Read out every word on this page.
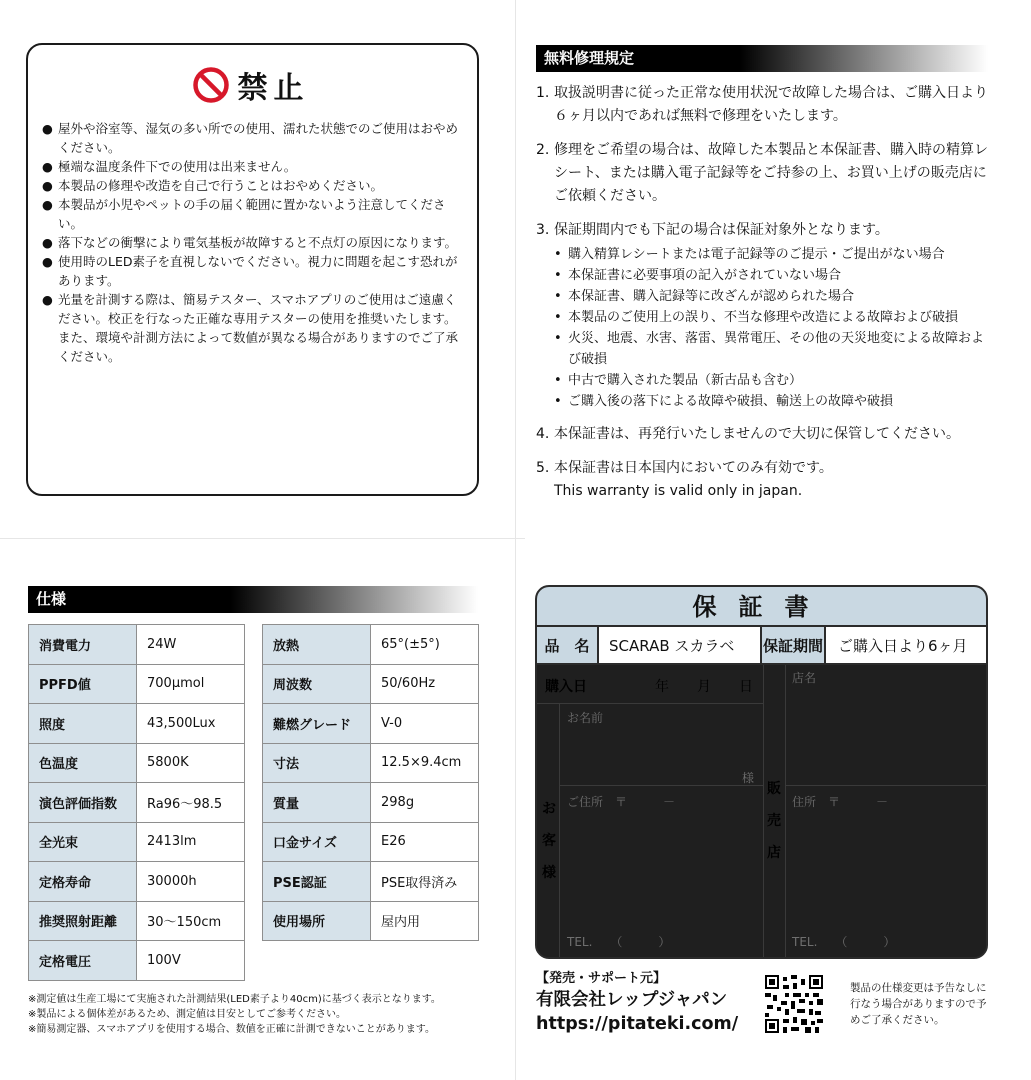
禁止
● 屋外や浴室等、湿気の多い所での使用、濡れた状態でのご使用はおやめください。
● 極端な温度条件下での使用は出来ません。
● 本製品の修理や改造を自己で行うことはおやめください。
● 本製品が小児やペットの手の届く範囲に置かないよう注意してください。
● 落下などの衝撃により電気基板が故障すると不点灯の原因になります。
● 使用時のLED素子を直視しないでください。視力に問題を起こす恐れがあります。
● 光量を計測する際は、簡易テスター、スマホアプリのご使用はご遠慮ください。校正を行なった正確な専用テスターの使用を推奨いたします。また、環境や計測方法によって数値が異なる場合がありますのでご了承ください。
無料修理規定
1. 取扱説明書に従った正常な使用状況で故障した場合は、ご購入日より６ヶ月以内であれば無料で修理をいたします。
2. 修理をご希望の場合は、故障した本製品と本保証書、購入時の精算レシート、または購入電子記録等をご持参の上、お買い上げの販売店にご依頼ください。
3. 保証期間内でも下記の場合は保証対象外となります。
• 購入精算レシートまたは電子記録等のご提示・ご提出がない場合
• 本保証書に必要事項の記入がされていない場合
• 本保証書、購入記録等に改ざんが認められた場合
• 本製品のご使用上の誤り、不当な修理や改造による故障および破損
• 火災、地震、水害、落雷、異常電圧、その他の天災地変による故障および破損
• 中古で購入された製品（新古品も含む）
• ご購入後の落下による故障や破損、輸送上の故障や破損
4. 本保証書は、再発行いたしませんので大切に保管してください。
5. 本保証書は日本国内においてのみ有効です。
This warranty is valid only in japan.
仕様
消費電力	24W
PPFD値	700μmol
照度	43,500Lux
色温度	5800K
演色評価指数	Ra96〜98.5
全光束	2413lm
定格寿命	30000h
推奨照射距離	30〜150cm
定格電圧	100V
放熱	65°(±5°)
周波数	50/60Hz
難燃グレード	V-0
寸法	12.5×9.4cm
質量	298g
口金サイズ	E26
PSE認証	PSE取得済み
使用場所	屋内用
※測定値は生産工場にて実施された計測結果(LED素子より40cm)に基づく表示となります。
※製品による個体差があるため、測定値は目安としてご参考ください。
※簡易測定器、スマホアプリを使用する場合、数値を正確に計測できないことがあります。
保証書
品　名	SCARAB スカラベ	保証期間	ご購入日より6ヶ月
購入日	年 月 日
お
客
様
お名前
様
ご住所　〒　　　－
TEL.　　（　　　）
販
売
店
店名
住所　〒　　　－
TEL.　　（　　　）
【発売・サポート元】
有限会社レップジャパン
https://pitateki.com/
製品の仕様変更は予告なしに行なう場合がありますので予めご了承ください。
